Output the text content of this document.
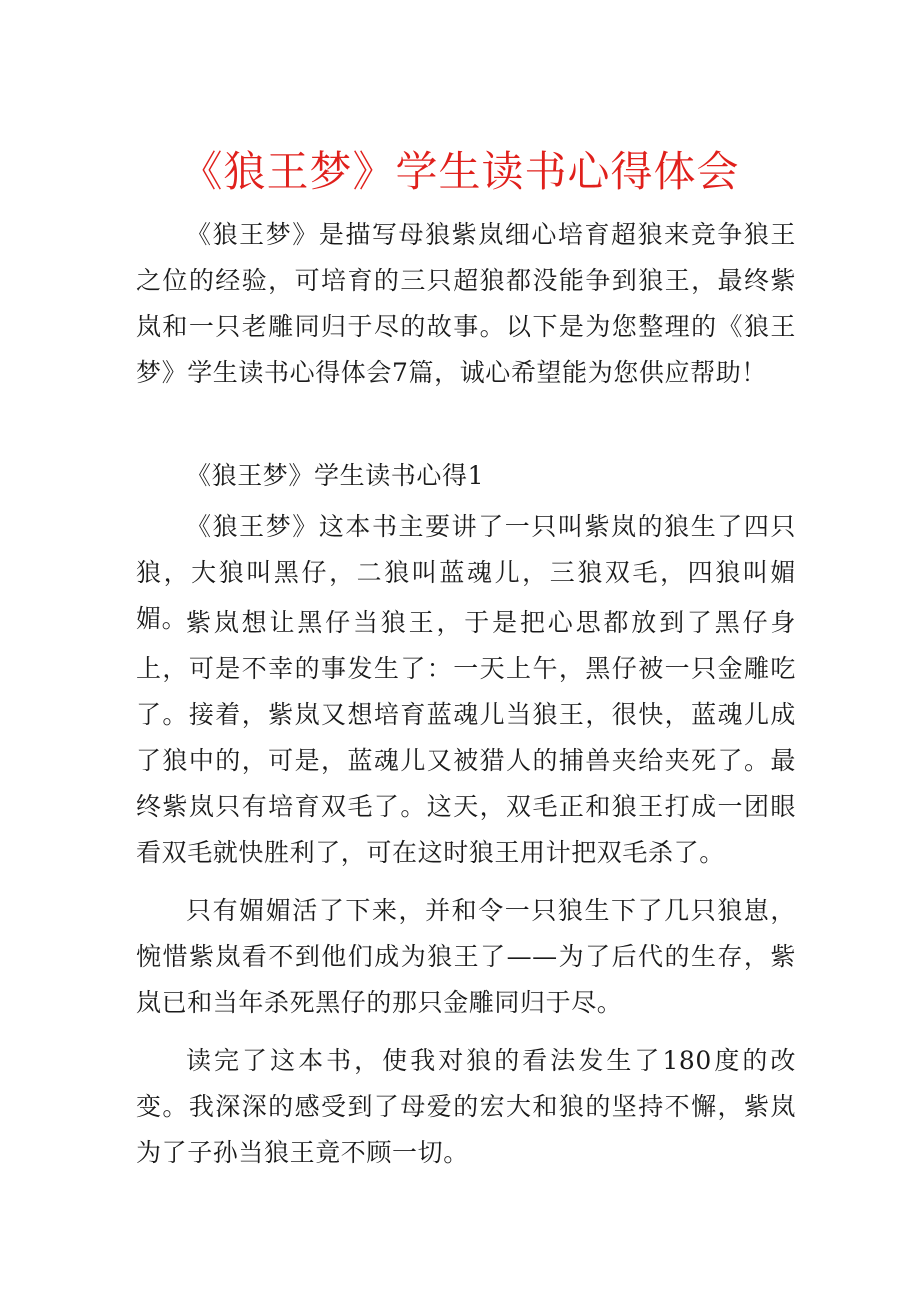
《狼王梦》学生读书心得体会

《狼王梦》是描写母狼紫岚细心培育超狼来竞争狼王之位的经验，可培育的三只超狼都没能争到狼王，最终紫岚和一只老雕同归于尽的故事。以下是为您整理的《狼王梦》学生读书心得体会7篇，诚心希望能为您供应帮助！

《狼王梦》学生读书心得1

《狼王梦》这本书主要讲了一只叫紫岚的狼生了四只狼，大狼叫黑仔，二狼叫蓝魂儿，三狼双毛，四狼叫媚媚。

紫岚想让黑仔当狼王，于是把心思都放到了黑仔身上，可是不幸的事发生了：一天上午，黑仔被一只金雕吃了。接着，紫岚又想培育蓝魂儿当狼王，很快，蓝魂儿成了狼中的，可是，蓝魂儿又被猎人的捕兽夹给夹死了。最终紫岚只有培育双毛了。这天，双毛正和狼王打成一团眼看双毛就快胜利了，可在这时狼王用计把双毛杀了。

只有媚媚活了下来，并和令一只狼生下了几只狼崽，惋惜紫岚看不到他们成为狼王了——为了后代的生存，紫岚已和当年杀死黑仔的那只金雕同归于尽。

读完了这本书，使我对狼的看法发生了180度的改变。我深深的感受到了母爱的宏大和狼的坚持不懈，紫岚为了子孙当狼王竟不顾一切。
